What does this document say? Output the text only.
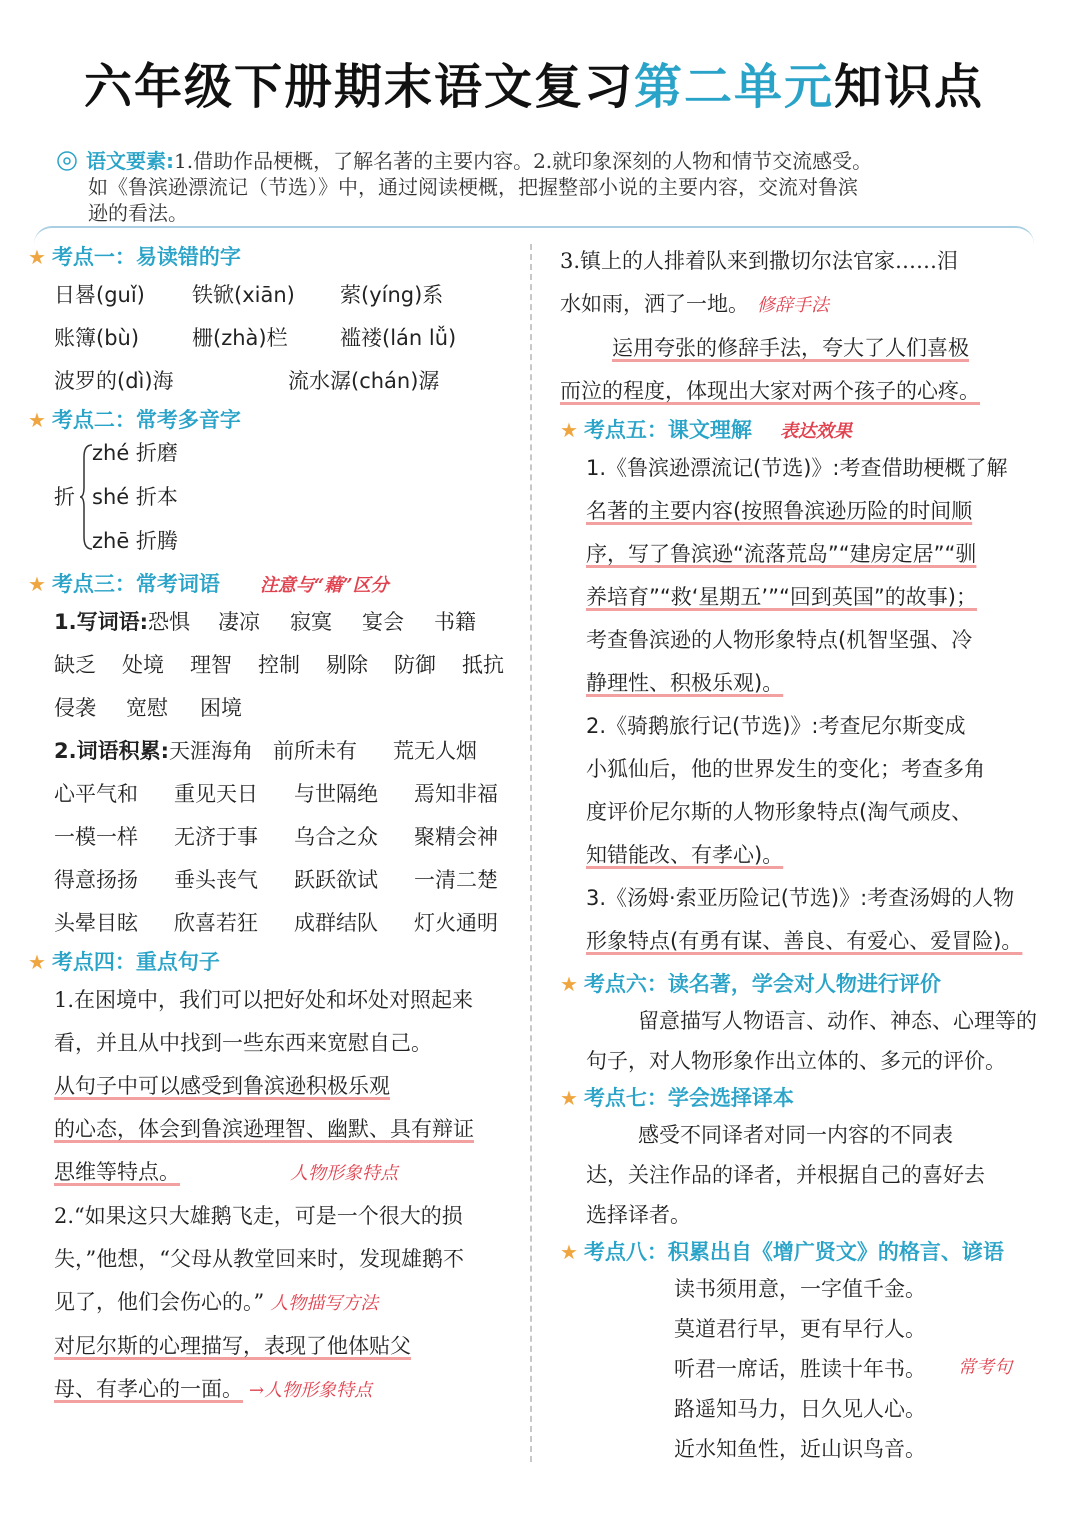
六年级下册期末语文复习第二单元知识点
语文要素:1.借助作品梗概，了解名著的主要内容。2.就印象深刻的人物和情节交流感受。
如《鲁滨逊漂流记（节选）》中，通过阅读梗概，把握整部小说的主要内容，交流对鲁滨
逊的看法。
★ 考点一：易读错的字
日晷(guǐ) 铁锨(xiān) 萦(yíng)系
账簿(bù)	栅(zhà)栏 褴褛(lán lǚ)
波罗的(dì)海	流水潺(chán)潺
★ 考点二：常考多音字
折
zhé 折磨
shé 折本
zhē 折腾
★ 考点三：常考词语 注意与“藉”区分
1.写词语:恐惧 凄凉 寂寞 宴会 书籍
缺乏 处境 理智 控制 剔除 防御 抵抗
侵袭 宽慰 困境
2.词语积累:天涯海角 前所未有 荒无人烟
心平气和 重见天日 与世隔绝 焉知非福
一模一样 无济于事 乌合之众 聚精会神
得意扬扬 垂头丧气 跃跃欲试 一清二楚
头晕目眩 欣喜若狂 成群结队 灯火通明
★ 考点四：重点句子
1.在困境中，我们可以把好处和坏处对照起来
看，并且从中找到一些东西来宽慰自己。
从句子中可以感受到鲁滨逊积极乐观
的心态，体会到鲁滨逊理智、幽默、具有辩证
思维等特点。	人物形象特点
2.“如果这只大雄鹅飞走，可是一个很大的损
失，”他想，“父母从教堂回来时，发现雄鹅不
见了，他们会伤心的。” 人物描写方法
对尼尔斯的心理描写，表现了他体贴父
母、有孝心的一面。 →人物形象特点
3.镇上的人排着队来到撒切尔法官家……泪
水如雨，洒了一地。 修辞手法
运用夸张的修辞手法，夸大了人们喜极
而泣的程度，体现出大家对两个孩子的心疼。
★ 考点五：课文理解 表达效果
1.《鲁滨逊漂流记(节选)》:考查借助梗概了解
名著的主要内容(按照鲁滨逊历险的时间顺
序，写了鲁滨逊“流落荒岛”“建房定居”“驯
养培育”“救‘星期五’”“回到英国”的故事)；
考查鲁滨逊的人物形象特点(机智坚强、冷
静理性、积极乐观)。
2.《骑鹅旅行记(节选)》:考查尼尔斯变成
小狐仙后，他的世界发生的变化；考查多角
度评价尼尔斯的人物形象特点(淘气顽皮、
知错能改、有孝心)。
3.《汤姆·索亚历险记(节选)》:考查汤姆的人物
形象特点(有勇有谋、善良、有爱心、爱冒险)。
★ 考点六：读名著，学会对人物进行评价
留意描写人物语言、动作、神态、心理等的
句子，对人物形象作出立体的、多元的评价。
★ 考点七：学会选择译本
感受不同译者对同一内容的不同表
达，关注作品的译者，并根据自己的喜好去
选择译者。
★ 考点八：积累出自《增广贤文》的格言、谚语
读书须用意，一字值千金。
莫道君行早，更有早行人。
听君一席话，胜读十年书。
路遥知马力，日久见人心。
近水知鱼性，近山识鸟音。
常考句
